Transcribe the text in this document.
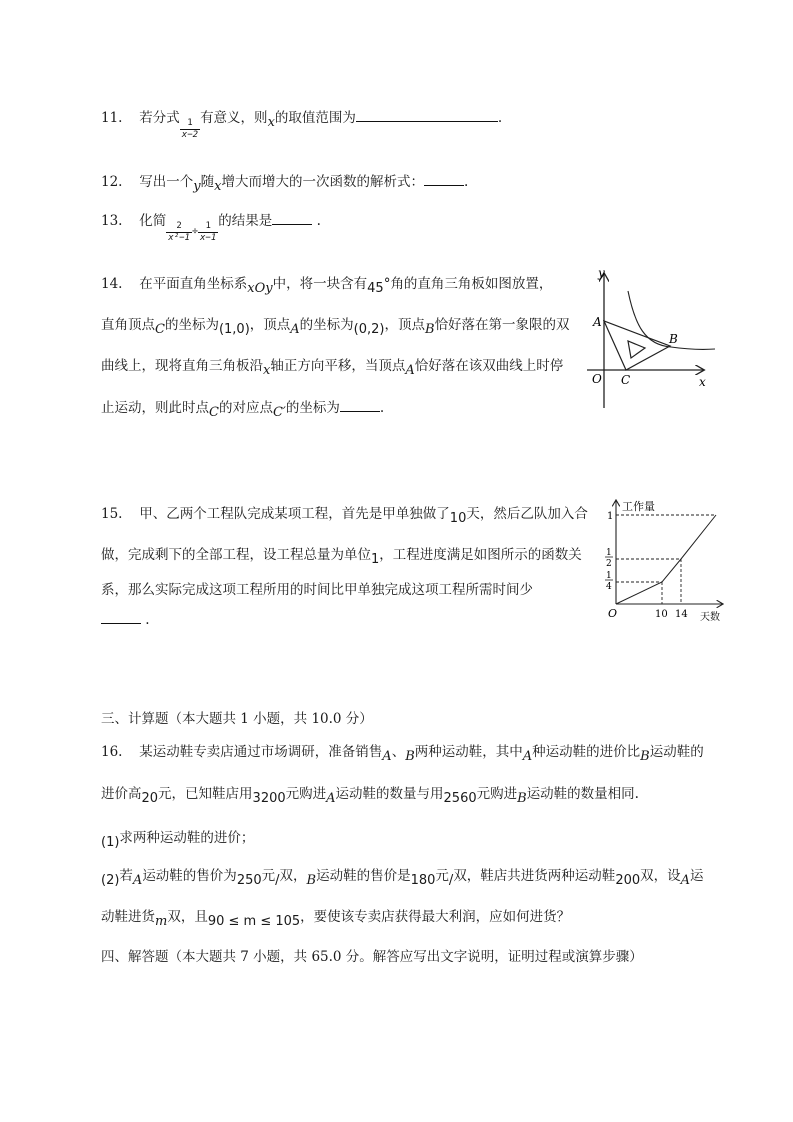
11. 若分式 $\frac{1}{x-2}$ 有意义，则x的取值范围为	.
12. 写出一个y随x增大而增大的一次函数的解析式：	.
13. 化简 $\frac{2}{\text{x²−1}} \div \frac{1}{x-1}$ 的结果是	.
14. 在平面直角坐标系xOy中，将一块含有45°角的直角三角板如图放置，
直角顶点C的坐标为(1,0)，顶点A的坐标为(0,2)，顶点B恰好落在第一象限的双
曲线上，现将直角三角板沿x轴正方向平移，当顶点A恰好落在该双曲线上时停
止运动，则此时点C的对应点C′的坐标为	.
y
x
O
A
B
C
15. 甲、乙两个工程队完成某项工程，首先是甲单独做了10天，然后乙队加入合
做，完成剩下的全部工程，设工程总量为单位1，工程进度满足如图所示的函数关
系，那么实际完成这项工程所用的时间比甲单独完成这项工程所需时间少
.
工作量
1
1
2
1
4
O	10 14 天数
三、计算题（本大题共 1 小题，共 10.0 分）
16. 某运动鞋专卖店通过市场调研，准备销售A、B两种运动鞋，其中A种运动鞋的进价比B运动鞋的
进价高20元，已知鞋店用3200元购进A运动鞋的数量与用2560元购进B运动鞋的数量相同.
(1)求两种运动鞋的进价；
(2)若A运动鞋的售价为250元/双，B运动鞋的售价是180元/双，鞋店共进货两种运动鞋200双，设A运
动鞋进货m双，且90 ≤ m ≤ 105，要使该专卖店获得最大利润，应如何进货？
四、解答题（本大题共 7 小题，共 65.0 分。解答应写出文字说明，证明过程或演算步骤）
